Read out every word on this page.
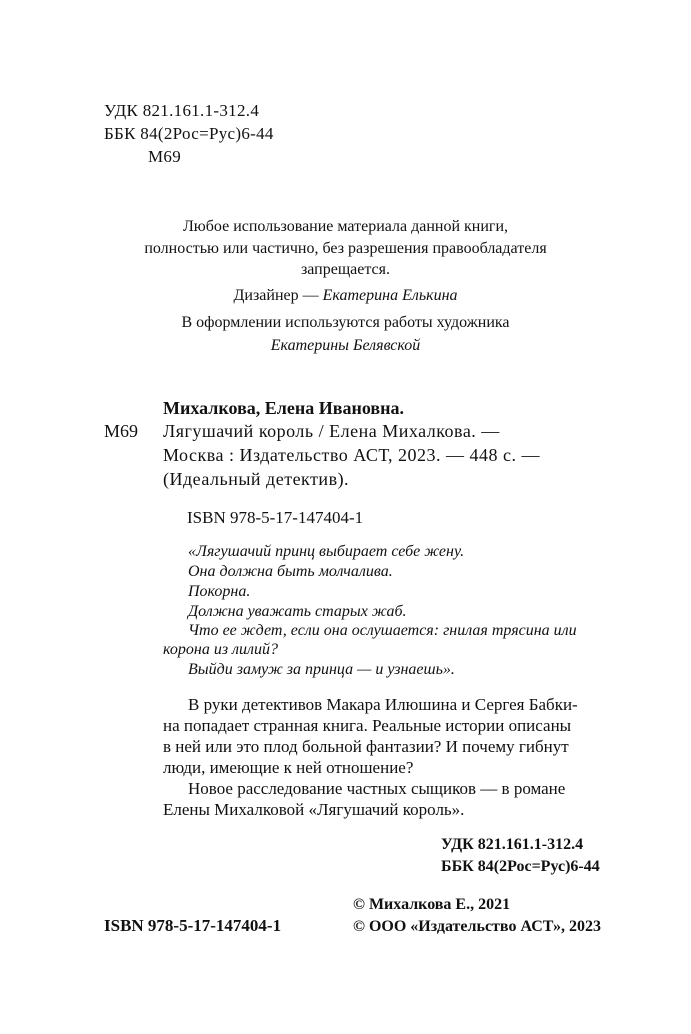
УДК 821.161.1-312.4
ББК 84(2Рос=Рус)6-44
М69
Любое использование материала данной книги,
полностью или частично, без разрешения правообладателя
запрещается.
Дизайнер — Екатерина Елькина
В оформлении используются работы художника
Екатерины Белявской
Михалкова, Елена Ивановна.
М69 Лягушачий король / Елена Михалкова. —
Москва : Издательство АСТ, 2023. — 448 с. —
(Идеальный детектив).
ISBN 978-5-17-147404-1
«Лягушачий принц выбирает себе жену.
Она должна быть молчалива.
Покорна.
Должна уважать старых жаб.
Что ее ждет, если она ослушается: гнилая трясина или
корона из лилий?
Выйди замуж за принца — и узнаешь».
В руки детективов Макара Илюшина и Сергея Бабки-
на попадает странная книга. Реальные истории описаны
в ней или это плод больной фантазии? И почему гибнут
люди, имеющие к ней отношение?
Новое расследование частных сыщиков — в романе
Елены Михалковой «Лягушачий король».
УДК 821.161.1-312.4
ББК 84(2Рос=Рус)6-44
© Михалкова Е., 2021
ISBN 978-5-17-147404-1	© ООО «Издательство АСТ», 2023
